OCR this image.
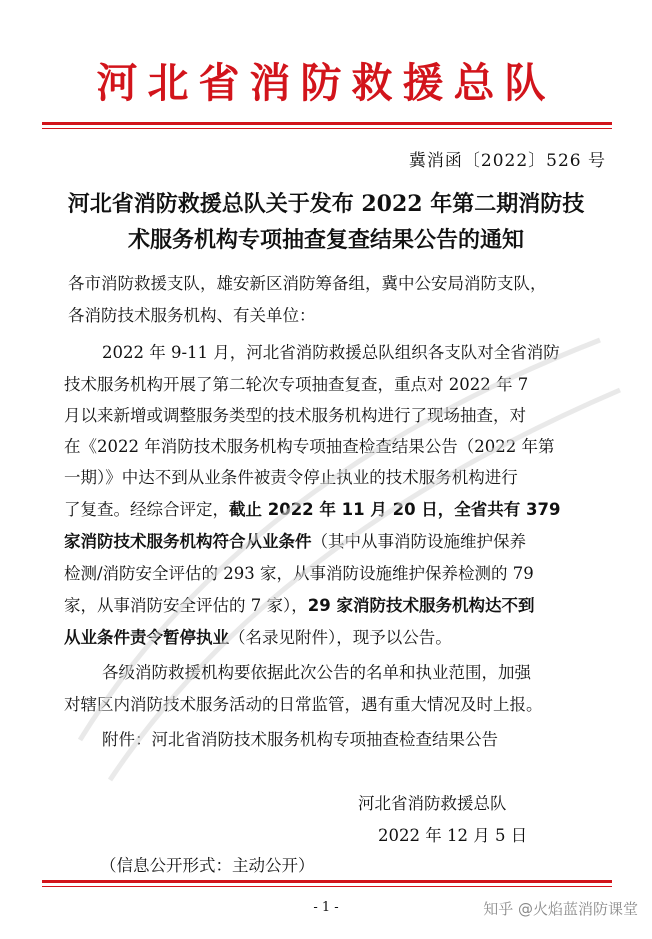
河北省消防救援总队
冀消函〔2022〕526 号
河北省消防救援总队关于发布 2022 年第二期消防技
术服务机构专项抽查复查结果公告的通知
各市消防救援支队，雄安新区消防筹备组，冀中公安局消防支队，
各消防技术服务机构、有关单位：
2022 年 9-11 月，河北省消防救援总队组织各支队对全省消防
技术服务机构开展了第二轮次专项抽查复查，重点对 2022 年 7
月以来新增或调整服务类型的技术服务机构进行了现场抽查，对
在《2022 年消防技术服务机构专项抽查检查结果公告（2022 年第
一期）》中达不到从业条件被责令停止执业的技术服务机构进行
了复查。经综合评定，截止 2022 年 11 月 20 日，全省共有 379
家消防技术服务机构符合从业条件（其中从事消防设施维护保养
检测/消防安全评估的 293 家，从事消防设施维护保养检测的 79
家，从事消防安全评估的 7 家），29 家消防技术服务机构达不到
从业条件责令暂停执业（名录见附件），现予以公告。
各级消防救援机构要依据此次公告的名单和执业范围，加强
对辖区内消防技术服务活动的日常监管，遇有重大情况及时上报。
附件：河北省消防技术服务机构专项抽查检查结果公告
河北省消防救援总队
2022 年 12 月 5 日
（信息公开形式：主动公开）
- 1 -	知乎 @火焰蓝消防课堂
